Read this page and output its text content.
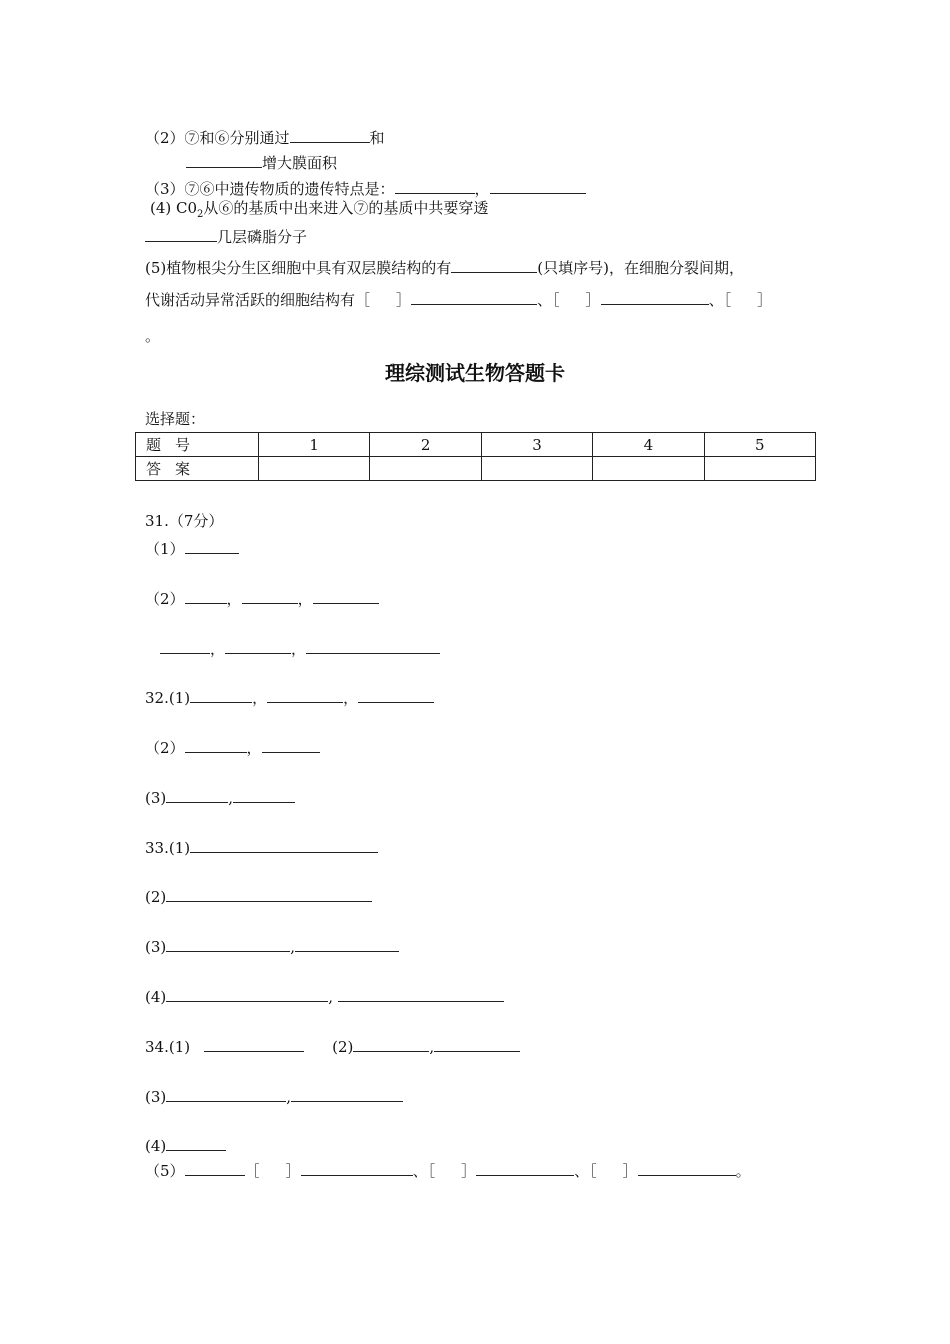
（2）⑦和⑥分别通过	和
增大膜面积
（3）⑦⑥中遗传物质的遗传特点是：	，
(4) $C0_2$从⑥的基质中出来进入⑦的基质中共要穿透
几层磷脂分子
(5)植物根尖分生区细胞中具有双层膜结构的有	(只填序号)，在细胞分裂间期，
代谢活动异常活跃的细胞结构有［ ］	、［ ］	、［ ］
。
理综测试生物答题卡
选择题：
题号	1	2	3	4	5
答案					
31.（7分）
（1）
（2）	，	，
，	，
32.(1)	，	，
（2）	，
(3)	,
33.(1)
(2)
(3)	,
(4)	,
34.(1)	(2)	,
(3)	,
(4)
（5）	［ ］	、［ ］	、［ ］	。
